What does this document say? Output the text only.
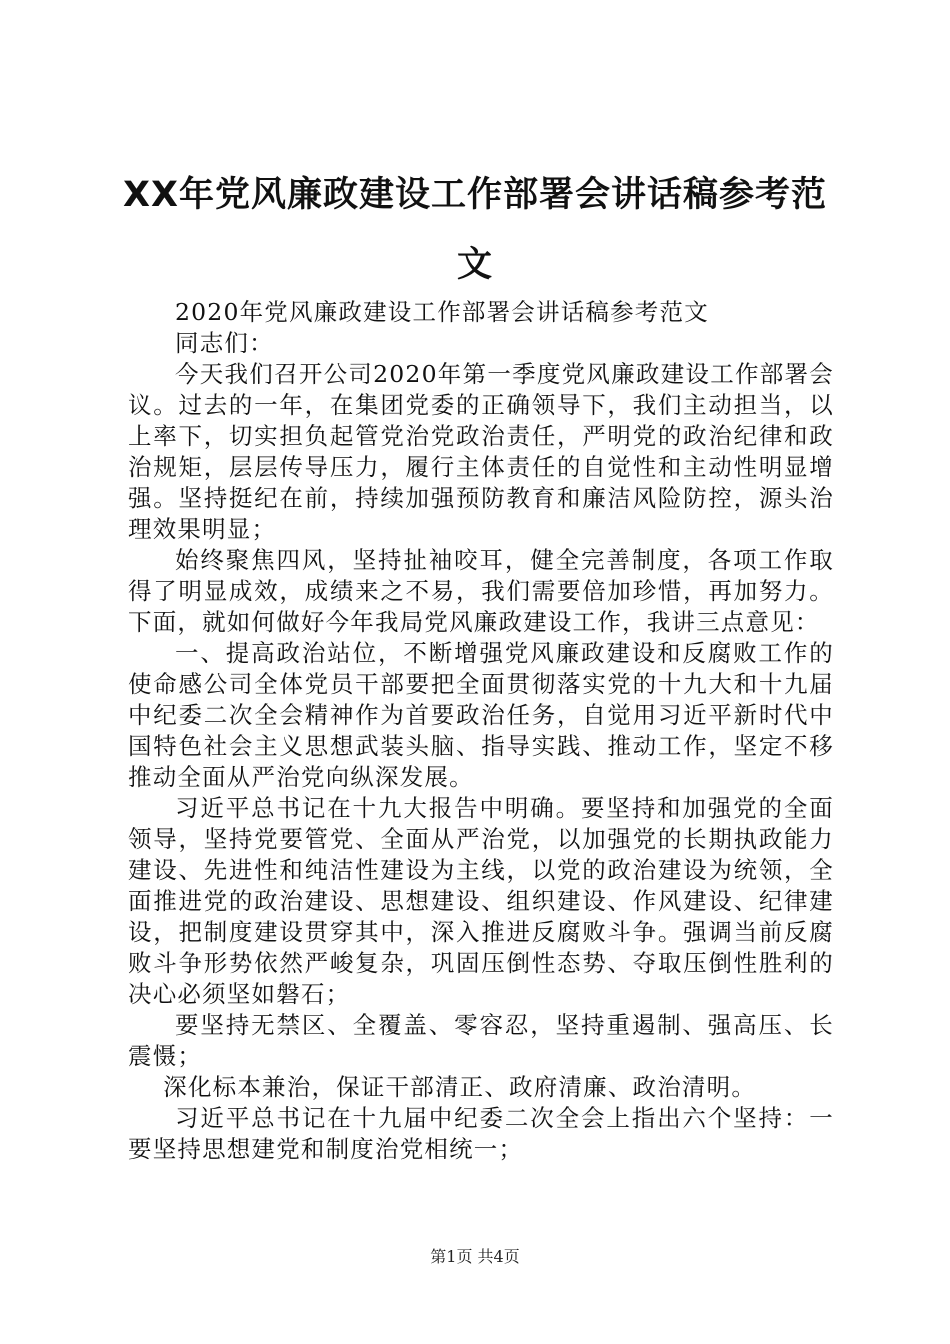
XX年党风廉政建设工作部署会讲话稿参考范文

2020年党风廉政建设工作部署会讲话稿参考范文

同志们：

今天我们召开公司2020年第一季度党风廉政建设工作部署会议。过去的一年，在集团党委的正确领导下，我们主动担当，以上率下，切实担负起管党治党政治责任，严明党的政治纪律和政治规矩，层层传导压力，履行主体责任的自觉性和主动性明显增强。坚持挺纪在前，持续加强预防教育和廉洁风险防控，源头治理效果明显；

始终聚焦四风，坚持扯袖咬耳，健全完善制度，各项工作取得了明显成效，成绩来之不易，我们需要倍加珍惜，再加努力。下面，就如何做好今年我局党风廉政建设工作，我讲三点意见：

一、提高政治站位，不断增强党风廉政建设和反腐败工作的使命感公司全体党员干部要把全面贯彻落实党的十九大和十九届中纪委二次全会精神作为首要政治任务，自觉用习近平新时代中国特色社会主义思想武装头脑、指导实践、推动工作，坚定不移推动全面从严治党向纵深发展。

习近平总书记在十九大报告中明确。要坚持和加强党的全面领导，坚持党要管党、全面从严治党，以加强党的长期执政能力建设、先进性和纯洁性建设为主线，以党的政治建设为统领，全面推进党的政治建设、思想建设、组织建设、作风建设、纪律建设，把制度建设贯穿其中，深入推进反腐败斗争。强调当前反腐败斗争形势依然严峻复杂，巩固压倒性态势、夺取压倒性胜利的决心必须坚如磐石；

要坚持无禁区、全覆盖、零容忍，坚持重遏制、强高压、长震慑；

深化标本兼治，保证干部清正、政府清廉、政治清明。

习近平总书记在十九届中纪委二次全会上指出六个坚持：一要坚持思想建党和制度治党相统一；

第1页 共4页
